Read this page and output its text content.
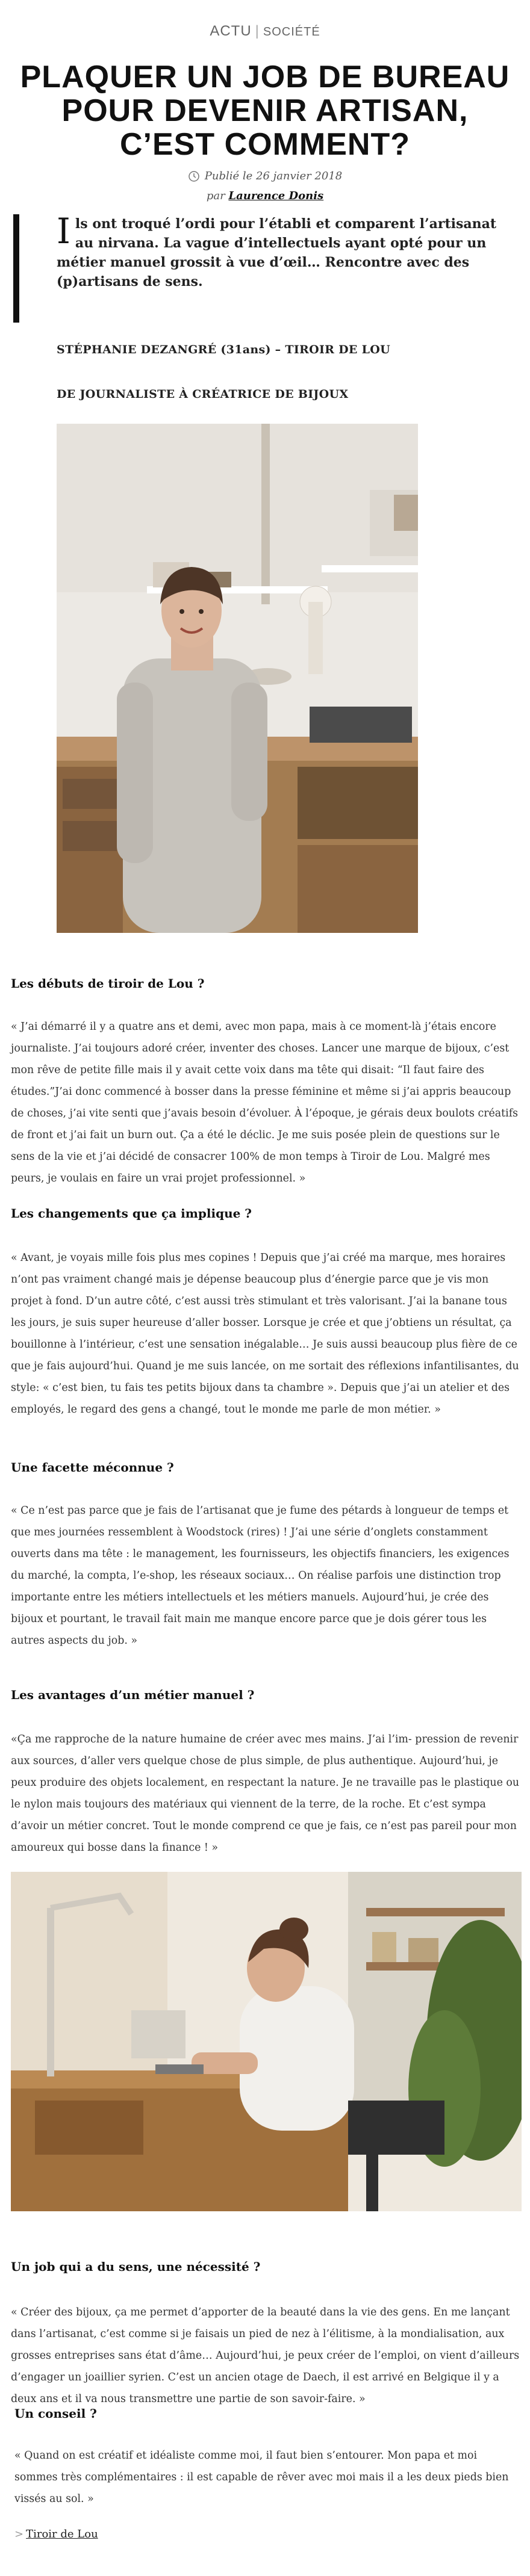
ACTU | SOCIÉTÉ
PLAQUER UN JOB DE BUREAU POUR DEVENIR ARTISAN, C’EST COMMENT?
Publié le 26 janvier 2018
par Laurence Donis

Ils ont troqué l’ordi pour l’établi et comparent l’artisanat au nirvana. La vague d’intellectuels ayant opté pour un métier manuel grossit à vue d’œil… Rencontre avec des (p)artisans de sens.

STÉPHANIE DEZANGRÉ (31ans) – TIROIR DE LOU
DE JOURNALISTE À CRÉATRICE DE BIJOUX
Les débuts de tiroir de Lou ?

« J’ai démarré il y a quatre ans et demi, avec mon papa, mais à ce moment-là j’étais encore journaliste. J’ai toujours adoré créer, inventer des choses. Lancer une marque de bijoux, c’est mon rêve de petite fille mais il y avait cette voix dans ma tête qui disait: “Il faut faire des études.”J’ai donc commencé à bosser dans la presse féminine et même si j’ai appris beaucoup de choses, j’ai vite senti que j’avais besoin d’évoluer. À l’époque, je gérais deux boulots créatifs de front et j’ai fait un burn out. Ça a été le déclic. Je me suis posée plein de questions sur le sens de la vie et j’ai décidé de consacrer 100% de mon temps à Tiroir de Lou. Malgré mes peurs, je voulais en faire un vrai projet professionnel. »

Les changements que ça implique ?

« Avant, je voyais mille fois plus mes copines ! Depuis que j’ai créé ma marque, mes horaires n’ont pas vraiment changé mais je dépense beaucoup plus d’énergie parce que je vis mon projet à fond. D’un autre côté, c’est aussi très stimulant et très valorisant. J’ai la banane tous les jours, je suis super heureuse d’aller bosser. Lorsque je crée et que j’obtiens un résultat, ça bouillonne à l’intérieur, c’est une sensation inégalable… Je suis aussi beaucoup plus fière de ce que je fais aujourd’hui. Quand je me suis lancée, on me sortait des réflexions infantilisantes, du style: « c’est bien, tu fais tes petits bijoux dans ta chambre ». Depuis que j’ai un atelier et des employés, le regard des gens a changé, tout le monde me parle de mon métier. »

Une facette méconnue ?

« Ce n’est pas parce que je fais de l’artisanat que je fume des pétards à longueur de temps et que mes journées ressemblent à Woodstock (rires) ! J’ai une série d’onglets constamment ouverts dans ma tête : le management, les fournisseurs, les objectifs financiers, les exigences du marché, la compta, l’e-shop, les réseaux sociaux… On réalise parfois une distinction trop importante entre les métiers intellectuels et les métiers manuels. Aujourd’hui, je crée des bijoux et pourtant, le travail fait main me manque encore parce que je dois gérer tous les autres aspects du job. »

Les avantages d’un métier manuel ?

«Ça me rapproche de la nature humaine de créer avec mes mains. J’ai l’im- pression de revenir aux sources, d’aller vers quelque chose de plus simple, de plus authentique. Aujourd’hui, je peux produire des objets localement, en respectant la nature. Je ne travaille pas le plastique ou le nylon mais toujours des matériaux qui viennent de la terre, de la roche. Et c’est sympa d’avoir un métier concret. Tout le monde comprend ce que je fais, ce n’est pas pareil pour mon amoureux qui bosse dans la finance ! »

Un job qui a du sens, une nécessité ?

« Créer des bijoux, ça me permet d’apporter de la beauté dans la vie des gens. En me lançant dans l’artisanat, c’est comme si je faisais un pied de nez à l’élitisme, à la mondialisation, aux grosses entreprises sans état d’âme… Aujourd’hui, je peux créer de l’emploi, on vient d’ailleurs d’engager un joaillier syrien. C’est un ancien otage de Daech, il est arrivé en Belgique il y a deux ans et il va nous transmettre une partie de son savoir-faire. »

Un conseil ?

« Quand on est créatif et idéaliste comme moi, il faut bien s’entourer. Mon papa et moi sommes très complémentaires : il est capable de rêver avec moi mais il a les deux pieds bien vissés au sol. »

> Tiroir de Lou
